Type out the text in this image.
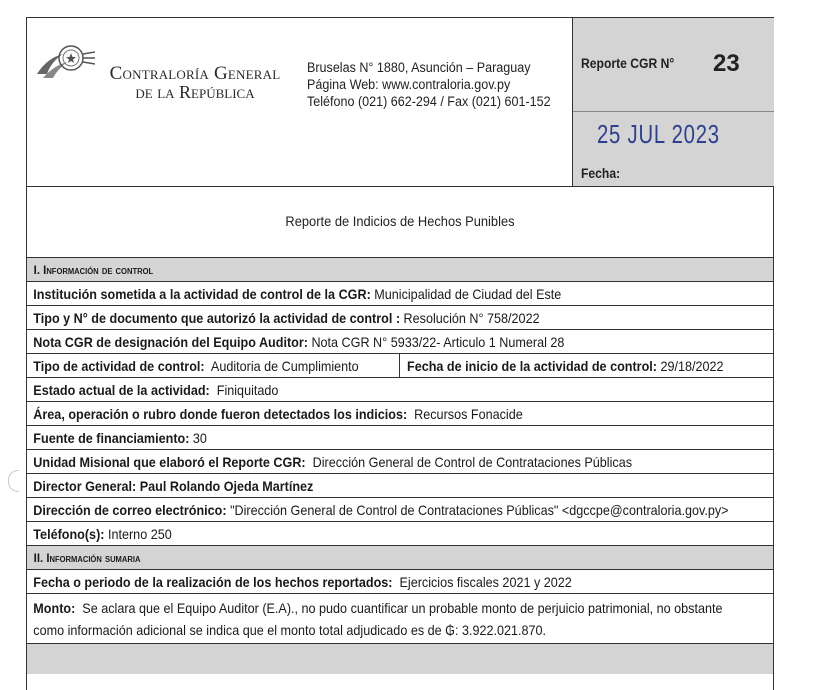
Contraloría General
de la República
Bruselas N° 1880, Asunción – Paraguay
Página Web: www.contraloria.gov.py
Teléfono (021) 662-294 / Fax (021) 601-152
Reporte CGR N° 23
25 JUL 2023
Fecha:
Reporte de Indicios de Hechos Punibles
I. Información de control
Institución sometida a la actividad de control de la CGR: Municipalidad de Ciudad del Este
Tipo y N° de documento que autorizó la actividad de control : Resolución N° 758/2022
Nota CGR de designación del Equipo Auditor: Nota CGR N° 5933/22- Articulo 1 Numeral 28
Tipo de actividad de control: Auditoria de Cumplimiento	Fecha de inicio de la actividad de control: 29/18/2022
Estado actual de la actividad: Finiquitado
Área, operación o rubro donde fueron detectados los indicios: Recursos Fonacide
Fuente de financiamiento: 30
Unidad Misional que elaboró el Reporte CGR: Dirección General de Control de Contrataciones Públicas
Director General: Paul Rolando Ojeda Martínez
Dirección de correo electrónico: "Dirección General de Control de Contrataciones Públicas" <dgccpe@contraloria.gov.py>
Teléfono(s): Interno 250
II. Información sumaria
Fecha o periodo de la realización de los hechos reportados: Ejercicios fiscales 2021 y 2022
Monto: Se aclara que el Equipo Auditor (E.A)., no pudo cuantificar un probable monto de perjuicio patrimonial, no obstante
como información adicional se indica que el monto total adjudicado es de ₲: 3.922.021.870.
